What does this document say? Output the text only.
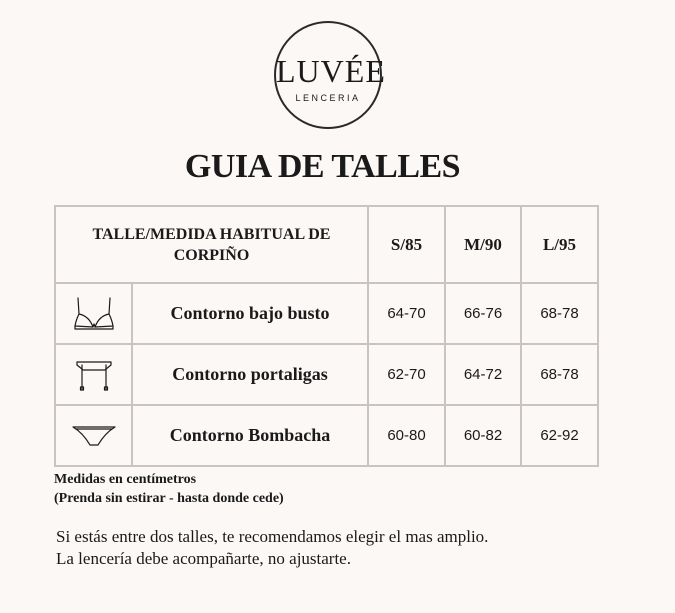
LUVÉE
LENCERIA
GUIA DE TALLES
TALLE/MEDIDA HABITUAL DE CORPIÑO		S/85	M/90	L/95

	Contorno bajo busto	64-70	66-76	68-78

	Contorno portaligas	62-70	64-72	68-78

	Contorno Bombacha	60-80	60-82	62-92
Medidas en centímetros
(Prenda sin estirar - hasta donde cede)
Si estás entre dos talles, te recomendamos elegir el mas amplio.
La lencería debe acompañarte, no ajustarte.
